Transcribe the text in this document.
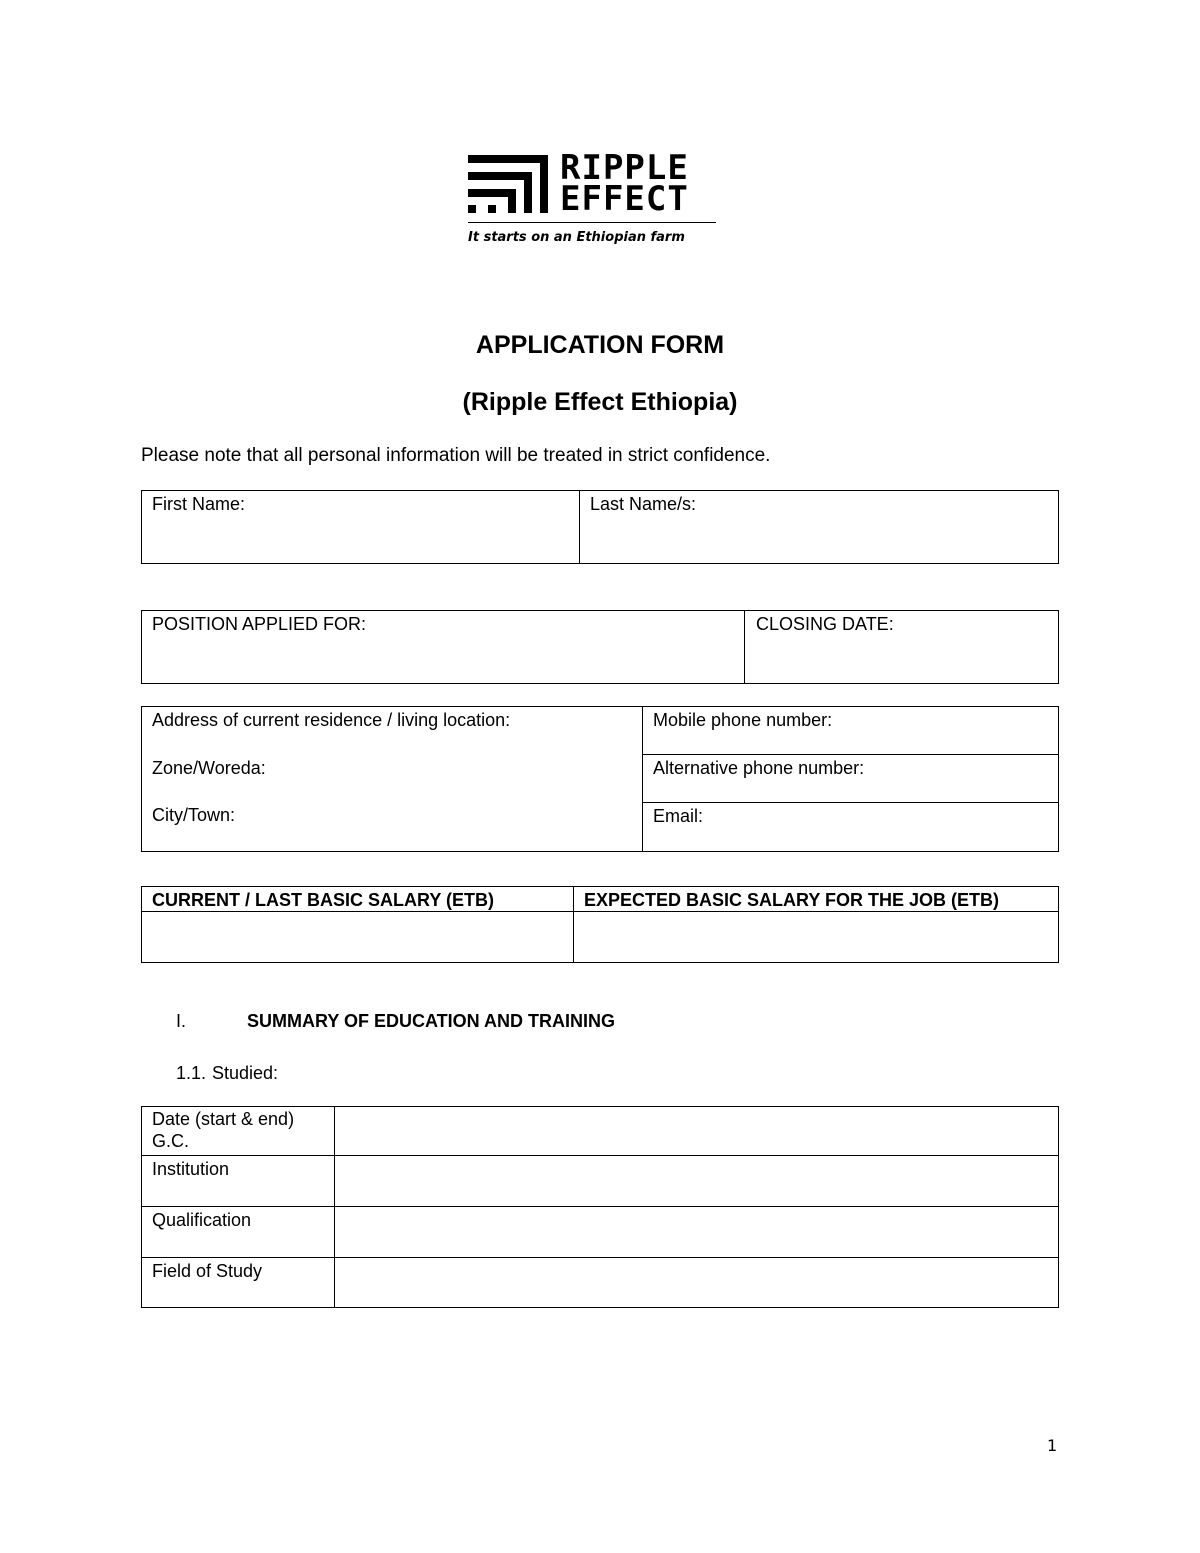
RIPPLE
EFFECT
It starts on an Ethiopian farm
APPLICATION FORM
(Ripple Effect Ethiopia)
Please note that all personal information will be treated in strict confidence.
First Name:	Last Name/s:
POSITION APPLIED FOR:	CLOSING DATE:
Address of current residence / living location:
Zone/Woreda:
City/Town:
Mobile phone number:
Alternative phone number:
Email:
CURRENT / LAST BASIC SALARY (ETB)	EXPECTED BASIC SALARY FOR THE JOB (ETB)
I.	SUMMARY OF EDUCATION AND TRAINING
1.1. Studied:
Date (start & end) G.C.
Institution
Qualification
Field of Study
1
